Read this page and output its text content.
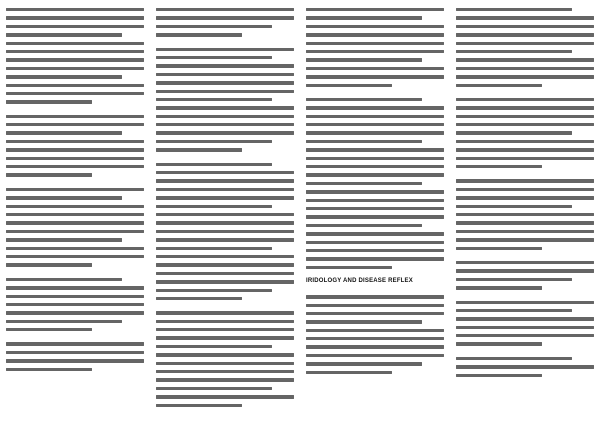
IRIDOLOGY AND DISEASE REFLEX
